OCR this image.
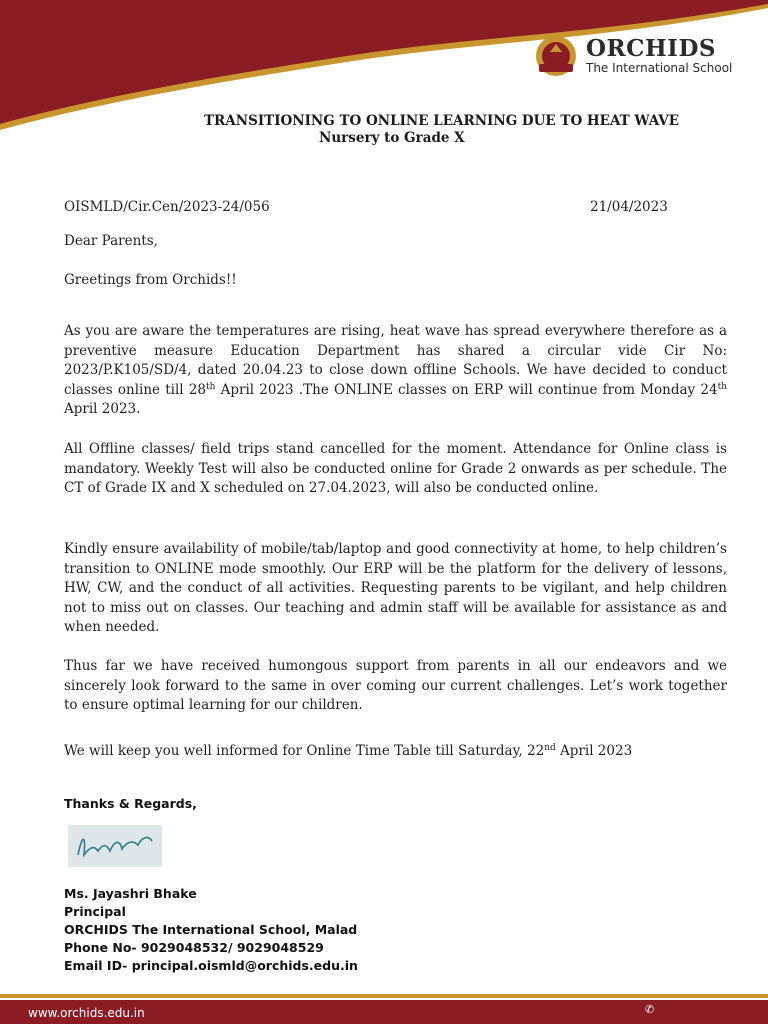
ORCHIDS
The International School
TRANSITIONING TO ONLINE LEARNING DUE TO HEAT WAVE
Nursery to Grade X
OISMLD/Cir.Cen/2023-24/056	21/04/2023
Dear Parents,
Greetings from Orchids!!
As you are aware the temperatures are rising, heat wave has spread everywhere therefore as a preventive measure Education Department has shared a circular vide Cir No: 2023/P.K105/SD/4, dated 20.04.23 to close down offline Schools. We have decided to conduct classes online till 28th April 2023 .The ONLINE classes on ERP will continue from Monday 24th April 2023.
All Offline classes/ field trips stand cancelled for the moment. Attendance for Online class is mandatory. Weekly Test will also be conducted online for Grade 2 onwards as per schedule. The CT of Grade IX and X scheduled on 27.04.2023, will also be conducted online.
Kindly ensure availability of mobile/tab/laptop and good connectivity at home, to help children’s transition to ONLINE mode smoothly. Our ERP will be the platform for the delivery of lessons, HW, CW, and the conduct of all activities. Requesting parents to be vigilant, and help children not to miss out on classes. Our teaching and admin staff will be available for assistance as and when needed.
Thus far we have received humongous support from parents in all our endeavors and we sincerely look forward to the same in over coming our current challenges. Let’s work together to ensure optimal learning for our children.
We will keep you well informed for Online Time Table till Saturday, 22nd April 2023
Thanks & Regards,
Ms. Jayashri Bhake
Principal
ORCHIDS The International School, Malad
Phone No- 9029048532/ 9029048529
Email ID- principal.oismld@orchids.edu.in
www.orchids.edu.in	✆
